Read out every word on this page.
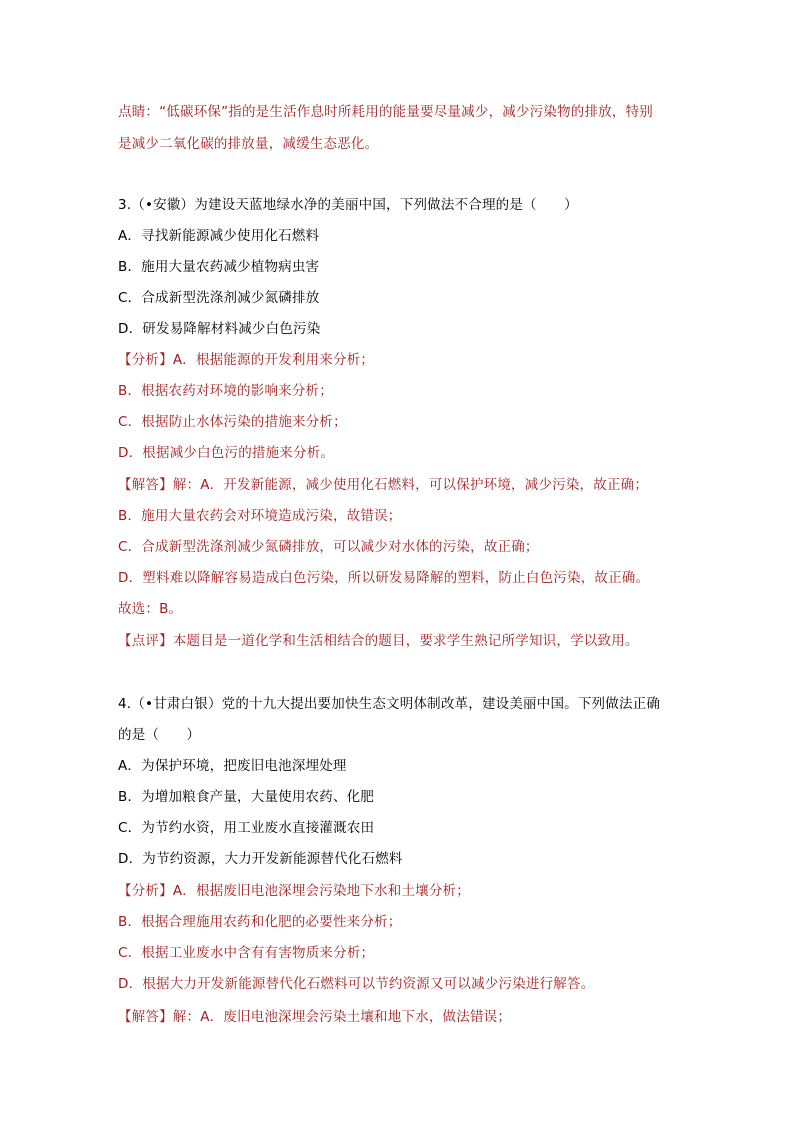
点睛：“低碳环保”指的是生活作息时所耗用的能量要尽量减少，减少污染物的排放，特别
是减少二氧化碳的排放量，减缓生态恶化。
3.（•安徽）为建设天蓝地绿水净的美丽中国，下列做法不合理的是（　　）
A．寻找新能源减少使用化石燃料
B．施用大量农药减少植物病虫害
C．合成新型洗涤剂减少氮磷排放
D．研发易降解材料减少白色污染
【分析】A．根据能源的开发利用来分析；
B．根据农药对环境的影响来分析；
C．根据防止水体污染的措施来分析；
D．根据减少白色污的措施来分析。
【解答】解：A．开发新能源，减少使用化石燃料，可以保护环境，减少污染，故正确；
B．施用大量农药会对环境造成污染，故错误；
C．合成新型洗涤剂减少氮磷排放，可以减少对水体的污染，故正确；
D．塑料难以降解容易造成白色污染，所以研发易降解的塑料，防止白色污染，故正确。
故选：B。
【点评】本题目是一道化学和生活相结合的题目，要求学生熟记所学知识，学以致用。
4.（•甘肃白银）党的十九大提出要加快生态文明体制改革，建设美丽中国。下列做法正确
的是（　　）
A．为保护环境，把废旧电池深埋处理
B．为增加粮食产量，大量使用农药、化肥
C．为节约水资，用工业废水直接灌溉农田
D．为节约资源，大力开发新能源替代化石燃料
【分析】A．根据废旧电池深埋会污染地下水和土壤分析；
B．根据合理施用农药和化肥的必要性来分析；
C．根据工业废水中含有有害物质来分析；
D．根据大力开发新能源替代化石燃料可以节约资源又可以减少污染进行解答。
【解答】解：A．废旧电池深埋会污染土壤和地下水，做法错误；
